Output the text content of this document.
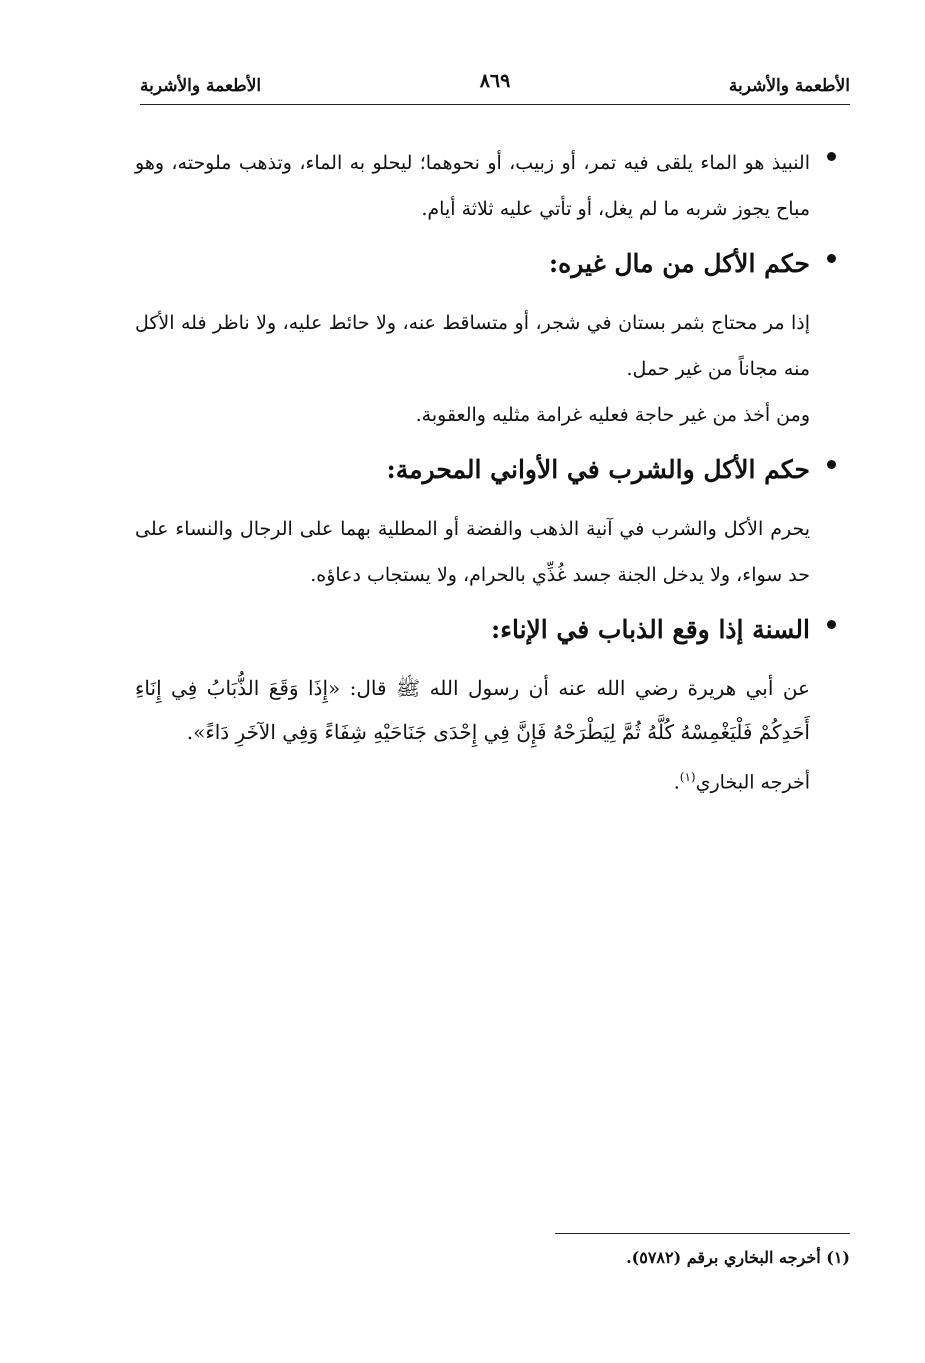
الأطعمة والأشربة
٨٦٩
الأطعمة والأشربة

النبيذ هو الماء يلقى فيه تمر، أو زبيب، أو نحوهما؛ ليحلو به الماء، وتذهب ملوحته، وهو مباح يجوز شربه ما لم يغل، أو تأتي عليه ثلاثة أيام.

حكم الأكل من مال غيره:

إذا مر محتاج بثمر بستان في شجر، أو متساقط عنه، ولا حائط عليه، ولا ناظر فله الأكل منه مجاناً من غير حمل.

ومن أخذ من غير حاجة فعليه غرامة مثليه والعقوبة.

حكم الأكل والشرب في الأواني المحرمة:

يحرم الأكل والشرب في آنية الذهب والفضة أو المطلية بهما على الرجال والنساء على حد سواء، ولا يدخل الجنة جسد غُذِّي بالحرام، ولا يستجاب دعاؤه.

السنة إذا وقع الذباب في الإناء:

عن أبي هريرة رضي الله عنه أن رسول الله ﷺ قال: «إِذَا وَقَعَ الذُّبَابُ فِي إِنَاءِ أَحَدِكُمْ فَلْيَغْمِسْهُ كُلَّهُ ثُمَّ لِيَطْرَحْهُ فَإِنَّ فِي إِحْدَى جَنَاحَيْهِ شِفَاءً وَفِي الآخَرِ دَاءً».

أخرجه البخاري$^{(١)}$.

(١) أخرجه البخاري برقم (٥٧٨٢).
